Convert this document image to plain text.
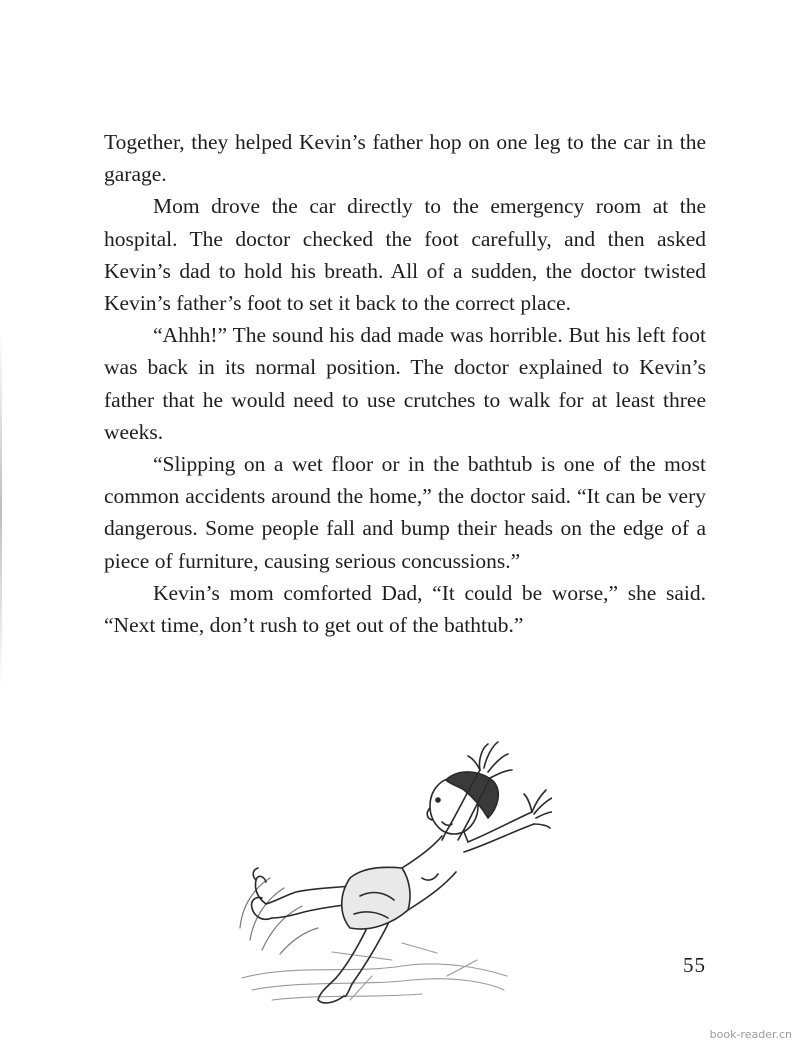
Together, they helped Kevin’s father hop on one leg to the car in the garage.

Mom drove the car directly to the emergency room at the hospital. The doctor checked the foot carefully, and then asked Kevin’s dad to hold his breath. All of a sudden, the doctor twisted Kevin’s father’s foot to set it back to the correct place.

“Ahhh!” The sound his dad made was horrible. But his left foot was back in its normal position. The doctor explained to Kevin’s father that he would need to use crutches to walk for at least three weeks.

“Slipping on a wet floor or in the bathtub is one of the most common accidents around the home,” the doctor said. “It can be very dangerous. Some people fall and bump their heads on the edge of a piece of furniture, causing serious concussions.”

Kevin’s mom comforted Dad, “It could be worse,” she said. “Next time, don’t rush to get out of the bathtub.”

55
book-reader.cn
